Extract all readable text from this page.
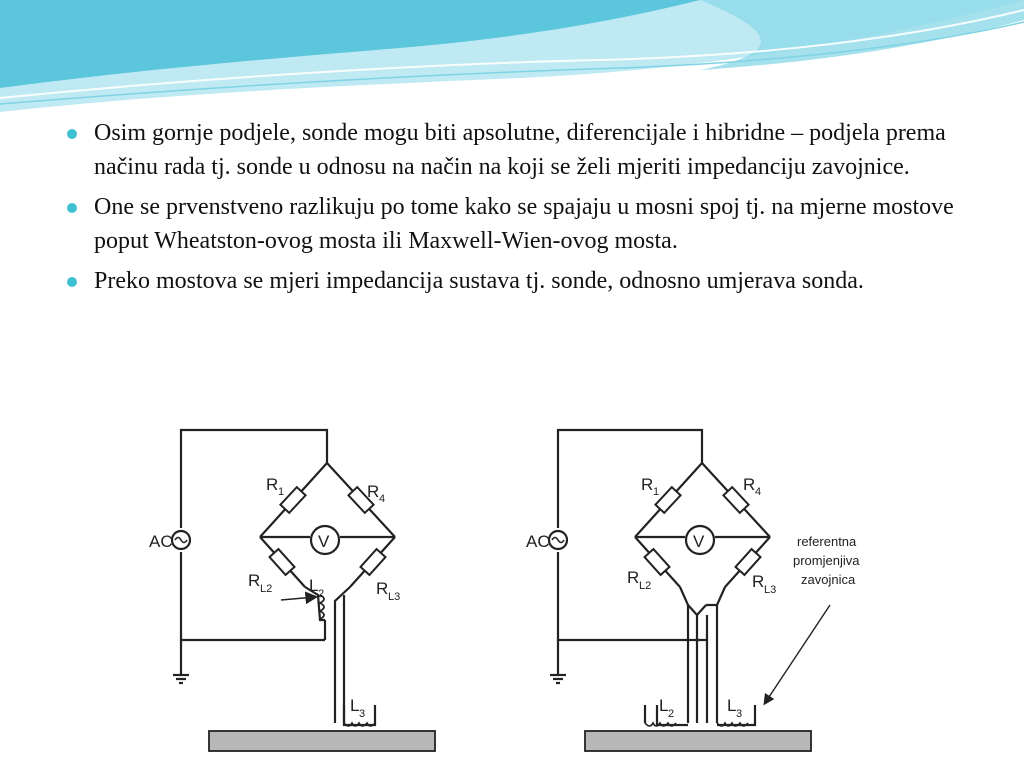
Osim gornje podjele, sonde mogu biti apsolutne, diferencijale i hibridne – podjela prema načinu rada tj. sonde u odnosu na način na koji se želi mjeriti impedanciju zavojnice.
One se prvenstveno razlikuju po tome kako se spajaju u mosni spoj tj. na mjerne mostove poput Wheatston-ovog mosta ili Maxwell-Wien-ovog mosta.
Preko mostova se mjeri impedancija sustava tj. sonde, odnosno umjerava sonda.
AC	V
R 1	R 4
R L2	R L3
L 2
L 3
AC	V
R 1	R 4
R L2	R L3
L 2	L 3
referentna
promjenjiva
zavojnica
